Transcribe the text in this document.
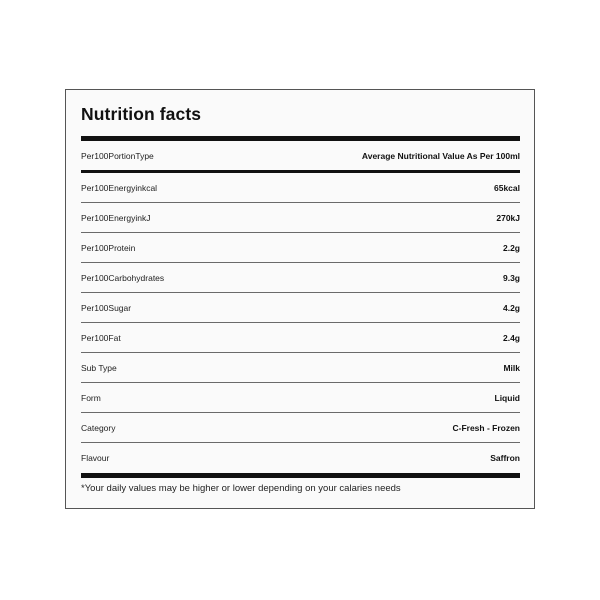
Nutrition facts
Per100PortionType	Average Nutritional Value As Per 100ml
Per100Energyinkcal	65kcal
Per100EnergyinkJ	270kJ
Per100Protein	2.2g
Per100Carbohydrates	9.3g
Per100Sugar	4.2g
Per100Fat	2.4g
Sub Type	Milk
Form	Liquid
Category	C-Fresh - Frozen
Flavour	Saffron

*Your daily values may be higher or lower depending on your calaries needs
